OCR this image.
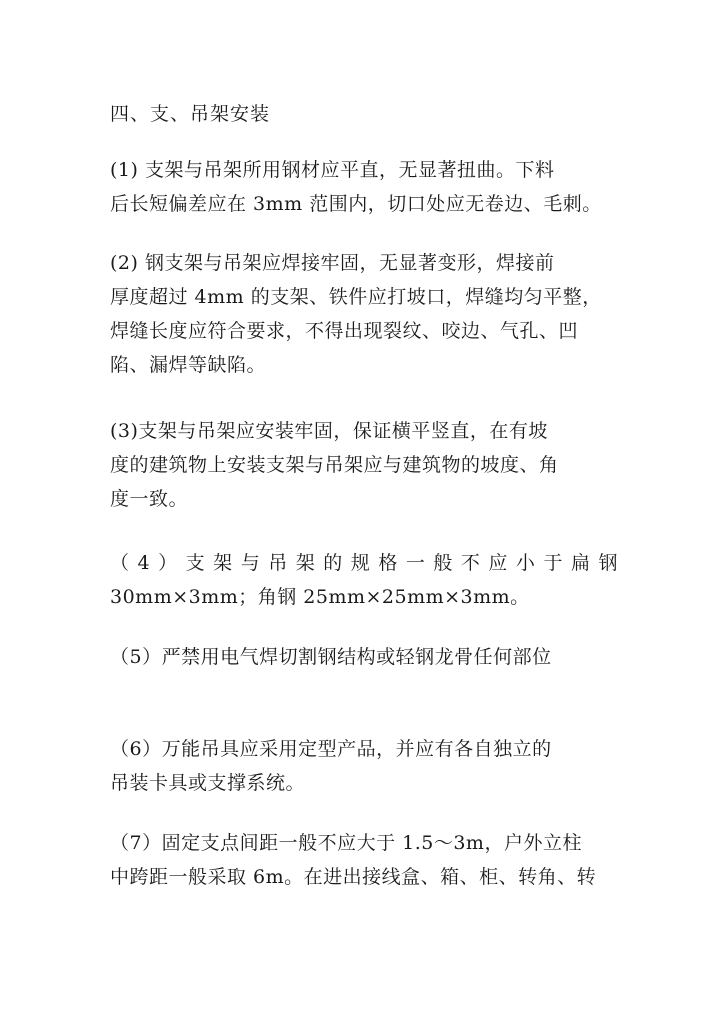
四、支、吊架安装
(1) 支架与吊架所用钢材应平直，无显著扭曲。下料
后长短偏差应在 3mm 范围内，切口处应无卷边、毛刺。
(2) 钢支架与吊架应焊接牢固，无显著变形，焊接前
厚度超过 4mm 的支架、铁件应打坡口，焊缝均匀平整，
焊缝长度应符合要求，不得出现裂纹、咬边、气孔、凹
陷、漏焊等缺陷。
(3)支架与吊架应安装牢固，保证横平竖直，在有坡
度的建筑物上安装支架与吊架应与建筑物的坡度、角
度一致。
（4）支架与吊架的规格一般不应小于扁钢
30mm×3mm；角钢 25mm×25mm×3mm。
（5）严禁用电气焊切割钢结构或轻钢龙骨任何部位
（6）万能吊具应采用定型产品，并应有各自独立的
吊装卡具或支撑系统。
（7）固定支点间距一般不应大于 1.5～3m，户外立柱
中跨距一般采取 6m。在进出接线盒、箱、柜、转角、转
